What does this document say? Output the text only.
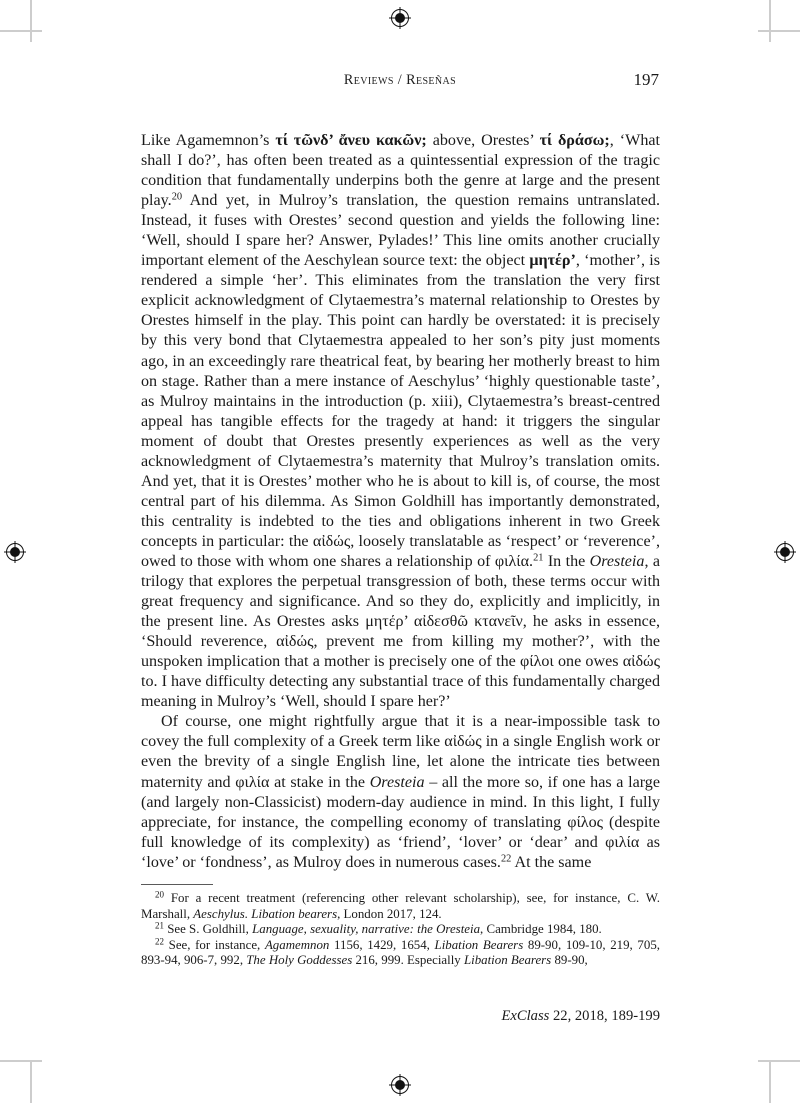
Reviews / Reseñas	197

Like Agamemnon’s τί τῶνδ’ ἄνευ κακῶν; above, Orestes’ τί δράσω;, ‘What shall I do?’, has often been treated as a quintessential expression of the tragic condition that fundamentally underpins both the genre at large and the present play.$^{20}$ And yet, in Mulroy’s translation, the question remains untranslated. Instead, it fuses with Orestes’ second question and yields the following line: ‘Well, should I spare her? Answer, Pylades!’ This line omits another crucially important element of the Aeschylean source text: the object μητέρ’, ‘mother’, is rendered a simple ‘her’. This eliminates from the translation the very first explicit acknowledgment of Clytaemestra’s maternal relationship to Orestes by Orestes himself in the play. This point can hardly be overstated: it is precisely by this very bond that Clytaemestra appealed to her son’s pity just moments ago, in an exceedingly rare theatrical feat, by bearing her motherly breast to him on stage. Rather than a mere instance of Aeschylus’ ‘highly questionable taste’, as Mulroy maintains in the introduction (p. xiii), Clytaemestra’s breast-centred appeal has tangible effects for the tragedy at hand: it triggers the singular moment of doubt that Orestes presently experiences as well as the very acknowledgment of Clytaemestra’s maternity that Mulroy’s translation omits. And yet, that it is Orestes’ mother who he is about to kill is, of course, the most central part of his dilemma. As Simon Goldhill has importantly demonstrated, this centrality is indebted to the ties and obligations inherent in two Greek concepts in particular: the αἰδώς, loosely translatable as ‘respect’ or ‘reverence’, owed to those with whom one shares a relationship of φιλία.$^{21}$ In the Oresteia, a trilogy that explores the perpetual transgression of both, these terms occur with great frequency and significance. And so they do, explicitly and implicitly, in the present line. As Orestes asks μητέρ’ αἰδεσθῶ κτανεῖν, he asks in essence, ‘Should reverence, αἰδώς, prevent me from killing my mother?’, with the unspoken implication that a mother is precisely one of the φίλοι one owes αἰδώς to. I have difficulty detecting any substantial trace of this fundamentally charged meaning in Mulroy’s ‘Well, should I spare her?’

Of course, one might rightfully argue that it is a near-impossible task to covey the full complexity of a Greek term like αἰδώς in a single English work or even the brevity of a single English line, let alone the intricate ties between maternity and φιλία at stake in the Oresteia – all the more so, if one has a large (and largely non-Classicist) modern-day audience in mind. In this light, I fully appreciate, for instance, the compelling economy of translating φίλος (despite full knowledge of its complexity) as ‘friend’, ‘lover’ or ‘dear’ and φιλία as ‘love’ or ‘fondness’, as Mulroy does in numerous cases.$^{22}$ At the same

$^{20}$ For a recent treatment (referencing other relevant scholarship), see, for instance, C. W. Marshall, Aeschylus. Libation bearers, London 2017, 124.

$^{21}$ See S. Goldhill, Language, sexuality, narrative: the Oresteia, Cambridge 1984, 180.

$^{22}$ See, for instance, Agamemnon 1156, 1429, 1654, Libation Bearers 89-90, 109-10, 219, 705, 893-94, 906-7, 992, The Holy Goddesses 216, 999. Especially Libation Bearers 89-90,

ExClass 22, 2018, 189-199
